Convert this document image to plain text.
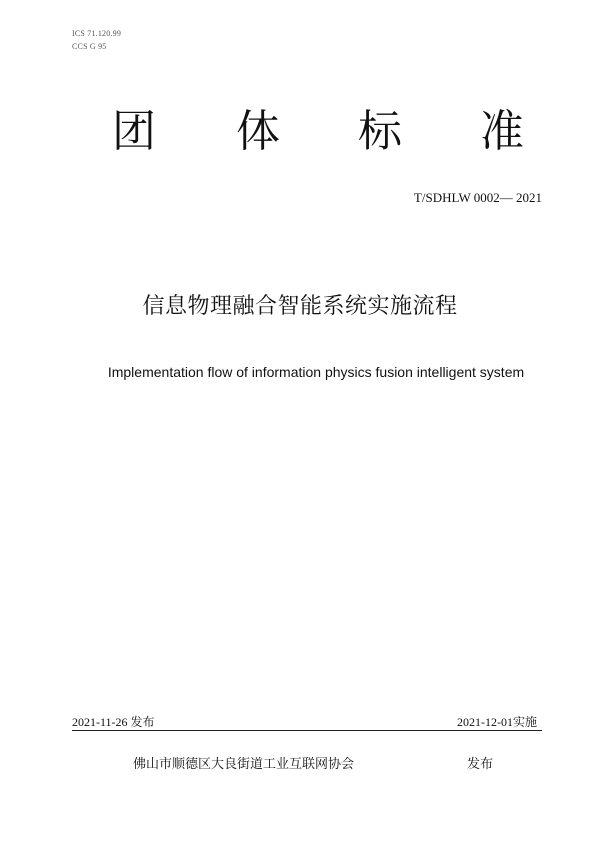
ICS 71.120.99
CCS G 95
团 体 标 准
T/SDHLW 0002— 2021
信息物理融合智能系统实施流程
Implementation flow of information physics fusion intelligent system
2021-11-26 发布	2021-12-01实施
佛山市顺德区大良街道工业互联网协会	发布
